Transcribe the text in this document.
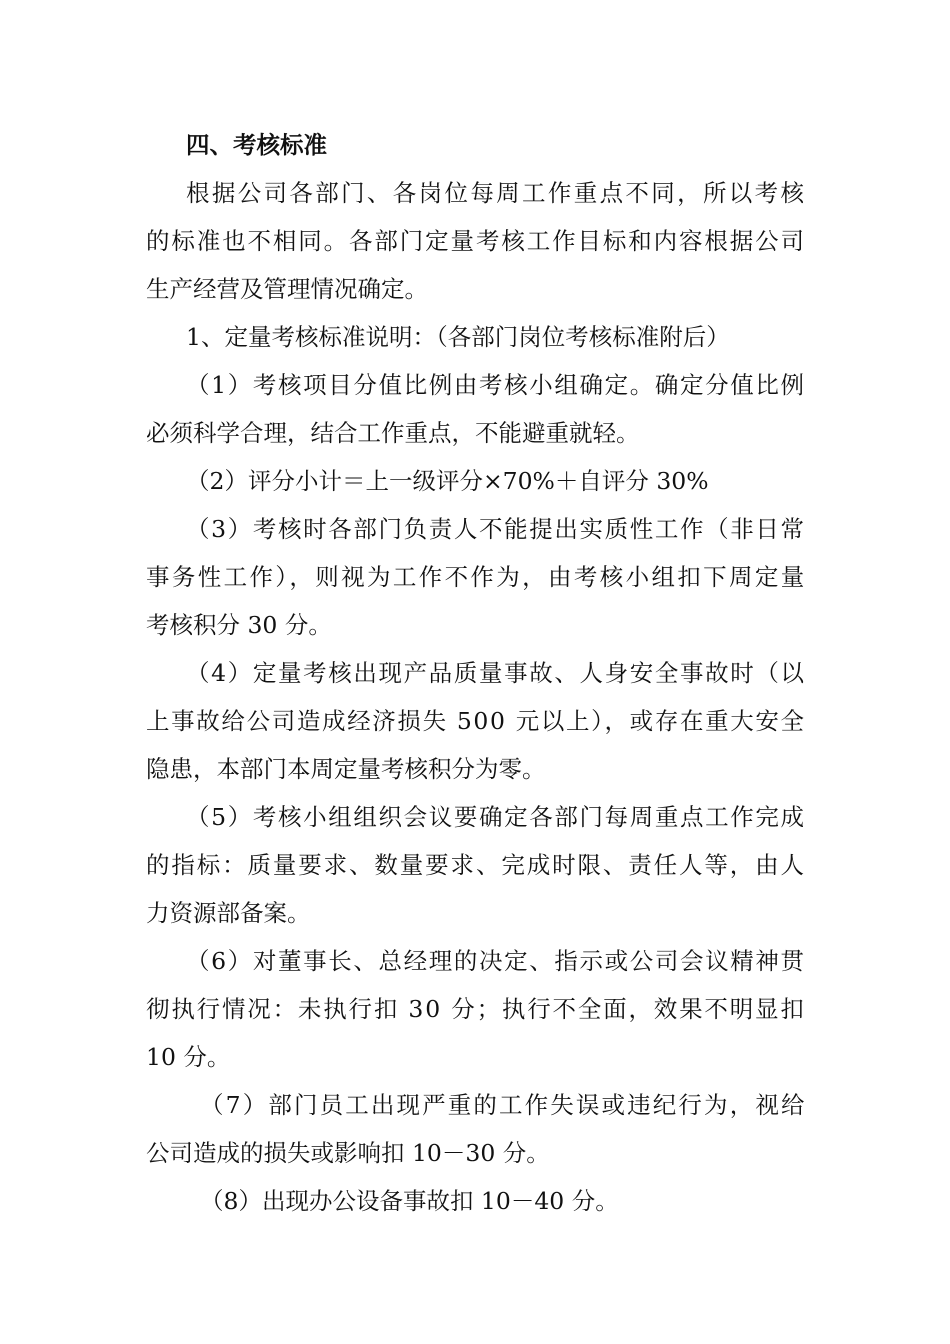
四、考核标准
根据公司各部门、各岗位每周工作重点不同，所以考核
的标准也不相同。各部门定量考核工作目标和内容根据公司
生产经营及管理情况确定。
1、定量考核标准说明：（各部门岗位考核标准附后）
（1）考核项目分值比例由考核小组确定。确定分值比例
必须科学合理，结合工作重点，不能避重就轻。
（2）评分小计＝上一级评分×70%＋自评分 30%
（3）考核时各部门负责人不能提出实质性工作（非日常
事务性工作），则视为工作不作为，由考核小组扣下周定量
考核积分 30 分。
（4）定量考核出现产品质量事故、人身安全事故时（以
上事故给公司造成经济损失 500 元以上），或存在重大安全
隐患，本部门本周定量考核积分为零。
（5）考核小组组织会议要确定各部门每周重点工作完成
的指标：质量要求、数量要求、完成时限、责任人等，由人
力资源部备案。
（6）对董事长、总经理的决定、指示或公司会议精神贯
彻执行情况：未执行扣 30 分；执行不全面，效果不明显扣
10 分。
（7）部门员工出现严重的工作失误或违纪行为，视给
公司造成的损失或影响扣 10－30 分。
（8）出现办公设备事故扣 10－40 分。
